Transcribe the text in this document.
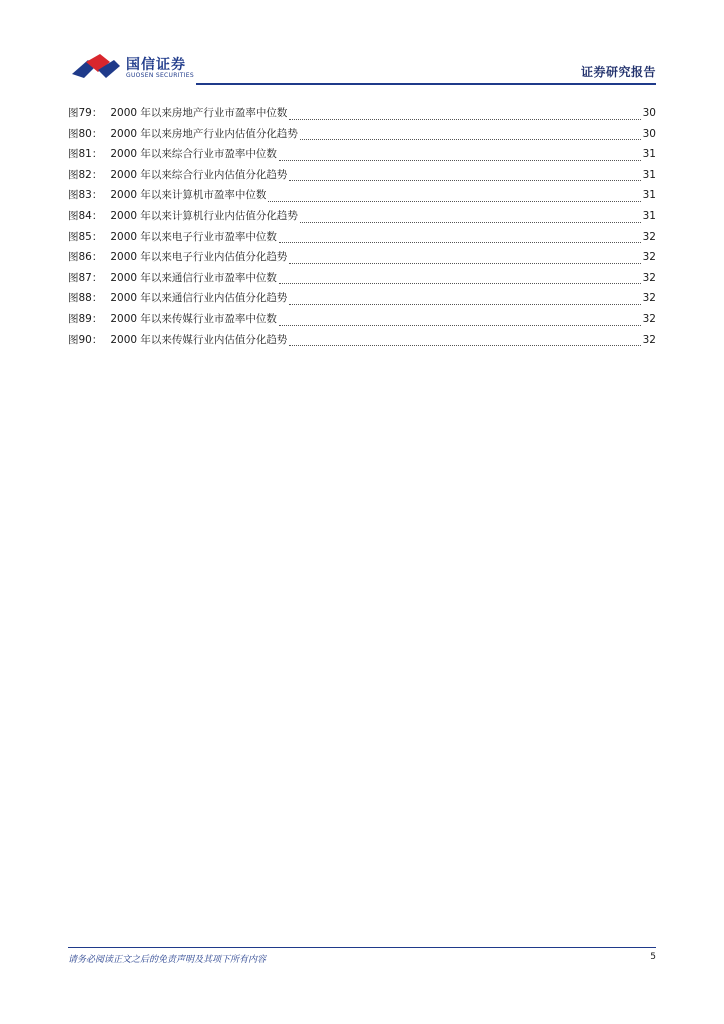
国信证券
GUOSEN SECURITIES	证券研究报告
图79： 2000 年以来房地产行业市盈率中位数	30
图80： 2000 年以来房地产行业内估值分化趋势	30
图81： 2000 年以来综合行业市盈率中位数	31
图82： 2000 年以来综合行业内估值分化趋势	31
图83： 2000 年以来计算机市盈率中位数	31
图84： 2000 年以来计算机行业内估值分化趋势	31
图85： 2000 年以来电子行业市盈率中位数	32
图86： 2000 年以来电子行业内估值分化趋势	32
图87： 2000 年以来通信行业市盈率中位数	32
图88： 2000 年以来通信行业内估值分化趋势	32
图89： 2000 年以来传媒行业市盈率中位数	32
图90： 2000 年以来传媒行业内估值分化趋势	32
请务必阅读正文之后的免责声明及其项下所有内容	5
